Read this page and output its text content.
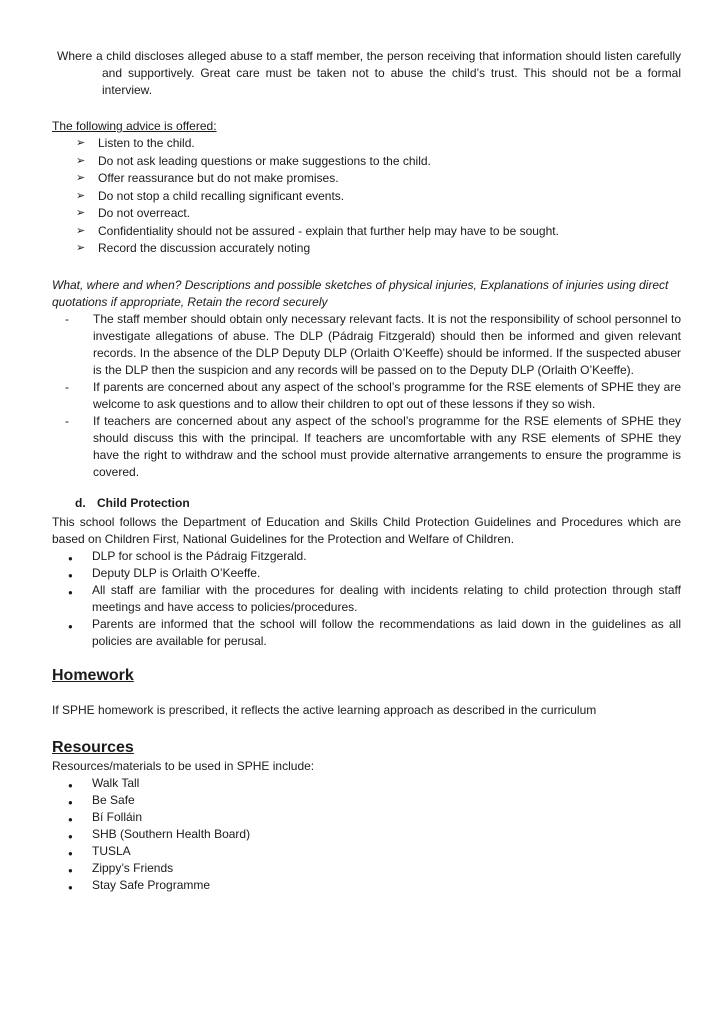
Where a child discloses alleged abuse to a staff member, the person receiving that information should listen carefully and supportively. Great care must be taken not to abuse the child’s trust. This should not be a formal interview.

The following advice is offered:

➢ Listen to the child.
➢ Do not ask leading questions or make suggestions to the child.
➢ Offer reassurance but do not make promises.
➢ Do not stop a child recalling significant events.
➢ Do not overreact.
➢ Confidentiality should not be assured - explain that further help may have to be sought.
➢ Record the discussion accurately noting

What, where and when? Descriptions and possible sketches of physical injuries, Explanations of injuries using direct quotations if appropriate, Retain the record securely

- The staff member should obtain only necessary relevant facts. It is not the responsibility of school personnel to investigate allegations of abuse. The DLP (Pádraig Fitzgerald) should then be informed and given relevant records. In the absence of the DLP Deputy DLP (Orlaith O’Keeffe) should be informed. If the suspected abuser is the DLP then the suspicion and any records will be passed on to the Deputy DLP (Orlaith O’Keeffe).
- If parents are concerned about any aspect of the school’s programme for the RSE elements of SPHE they are welcome to ask questions and to allow their children to opt out of these lessons if they so wish.
- If teachers are concerned about any aspect of the school’s programme for the RSE elements of SPHE they should discuss this with the principal. If teachers are uncomfortable with any RSE elements of SPHE they have the right to withdraw and the school must provide alternative arrangements to ensure the programme is covered.
d. Child Protection

This school follows the Department of Education and Skills Child Protection Guidelines and Procedures which are based on Children First, National Guidelines for the Protection and Welfare of Children.

● DLP for school is the Pádraig Fitzgerald.
● Deputy DLP is Orlaith O’Keeffe.
● All staff are familiar with the procedures for dealing with incidents relating to child protection through staff meetings and have access to policies/procedures.
● Parents are informed that the school will follow the recommendations as laid down in the guidelines as all policies are available for perusal.
Homework

If SPHE homework is prescribed, it reflects the active learning approach as described in the curriculum

Resources

Resources/materials to be used in SPHE include:

● Walk Tall
● Be Safe
● Bí Folláin
● SHB (Southern Health Board)
● TUSLA
● Zippy’s Friends
● Stay Safe Programme
